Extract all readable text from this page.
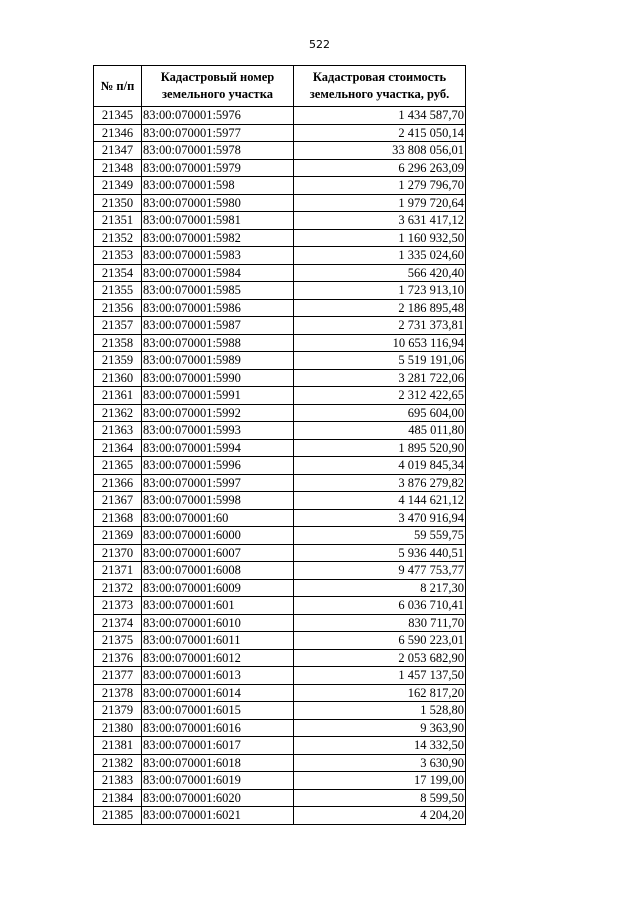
522
№ п/п	Кадастровый номер земельного участка	Кадастровая стоимость земельного участка, руб.
21345	83:00:070001:5976	1 434 587,70
21346	83:00:070001:5977	2 415 050,14
21347	83:00:070001:5978	33 808 056,01
21348	83:00:070001:5979	6 296 263,09
21349	83:00:070001:598	1 279 796,70
21350	83:00:070001:5980	1 979 720,64
21351	83:00:070001:5981	3 631 417,12
21352	83:00:070001:5982	1 160 932,50
21353	83:00:070001:5983	1 335 024,60
21354	83:00:070001:5984	566 420,40
21355	83:00:070001:5985	1 723 913,10
21356	83:00:070001:5986	2 186 895,48
21357	83:00:070001:5987	2 731 373,81
21358	83:00:070001:5988	10 653 116,94
21359	83:00:070001:5989	5 519 191,06
21360	83:00:070001:5990	3 281 722,06
21361	83:00:070001:5991	2 312 422,65
21362	83:00:070001:5992	695 604,00
21363	83:00:070001:5993	485 011,80
21364	83:00:070001:5994	1 895 520,90
21365	83:00:070001:5996	4 019 845,34
21366	83:00:070001:5997	3 876 279,82
21367	83:00:070001:5998	4 144 621,12
21368	83:00:070001:60	3 470 916,94
21369	83:00:070001:6000	59 559,75
21370	83:00:070001:6007	5 936 440,51
21371	83:00:070001:6008	9 477 753,77
21372	83:00:070001:6009	8 217,30
21373	83:00:070001:601	6 036 710,41
21374	83:00:070001:6010	830 711,70
21375	83:00:070001:6011	6 590 223,01
21376	83:00:070001:6012	2 053 682,90
21377	83:00:070001:6013	1 457 137,50
21378	83:00:070001:6014	162 817,20
21379	83:00:070001:6015	1 528,80
21380	83:00:070001:6016	9 363,90
21381	83:00:070001:6017	14 332,50
21382	83:00:070001:6018	3 630,90
21383	83:00:070001:6019	17 199,00
21384	83:00:070001:6020	8 599,50
21385	83:00:070001:6021	4 204,20
